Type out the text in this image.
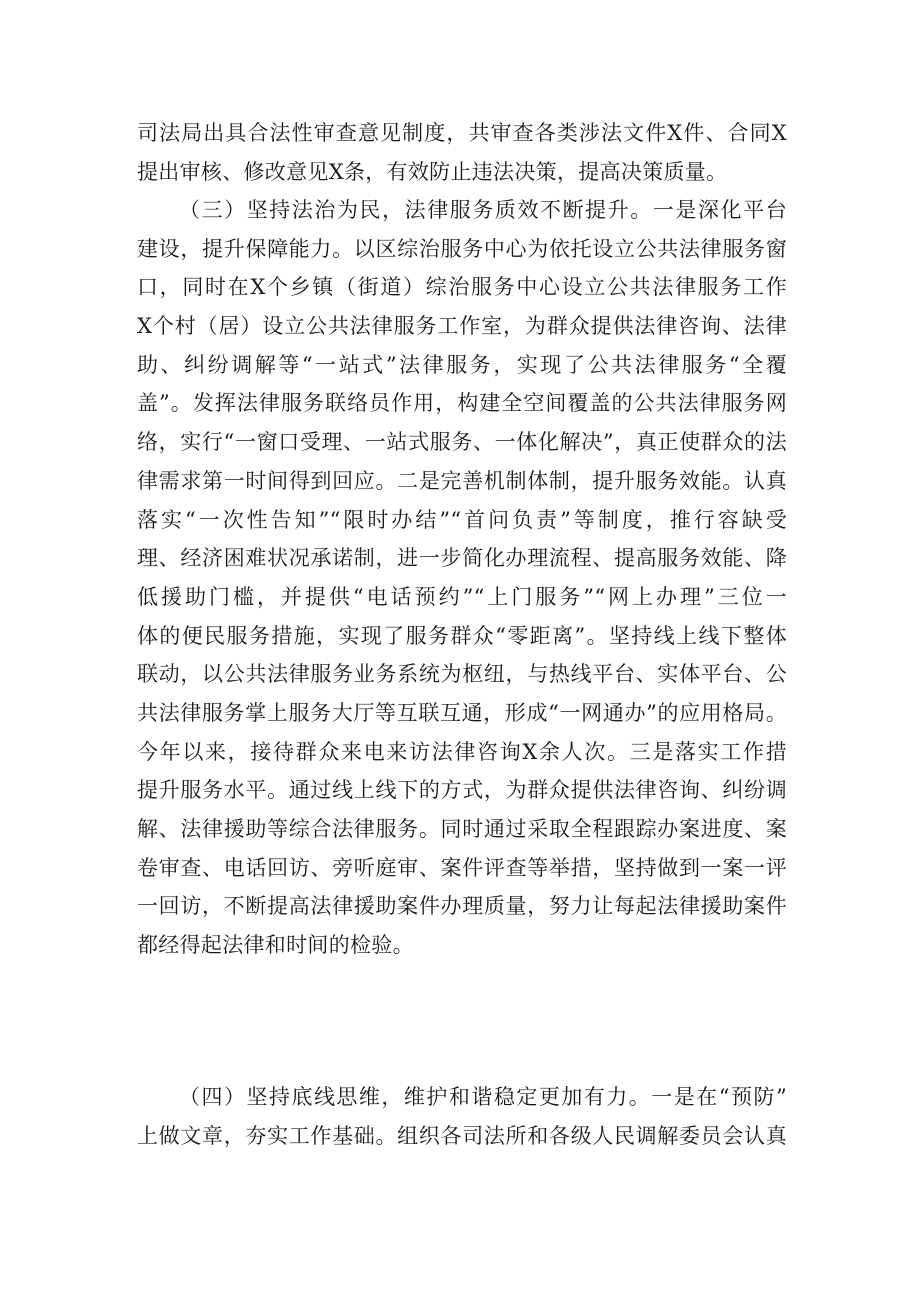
司法局出具合法性审查意见制度，共审查各类涉法文件X件、合同X
提出审核、修改意见X条，有效防止违法决策，提高决策质量。
（三）坚持法治为民，法律服务质效不断提升。一是深化平台
建设，提升保障能力。以区综治服务中心为依托设立公共法律服务窗
口，同时在X个乡镇（街道）综治服务中心设立公共法律服务工作
X个村（居）设立公共法律服务工作室，为群众提供法律咨询、法律
助、纠纷调解等“一站式”法律服务，实现了公共法律服务“全覆
盖”。发挥法律服务联络员作用，构建全空间覆盖的公共法律服务网
络，实行“一窗口受理、一站式服务、一体化解决”，真正使群众的法
律需求第一时间得到回应。二是完善机制体制，提升服务效能。认真
落实“一次性告知”“限时办结”“首问负责”等制度，推行容缺受
理、经济困难状况承诺制，进一步简化办理流程、提高服务效能、降
低援助门槛，并提供“电话预约”“上门服务”“网上办理”三位一
体的便民服务措施，实现了服务群众“零距离”。坚持线上线下整体
联动，以公共法律服务业务系统为枢纽，与热线平台、实体平台、公
共法律服务掌上服务大厅等互联互通，形成“一网通办”的应用格局。
今年以来，接待群众来电来访法律咨询X余人次。三是落实工作措
提升服务水平。通过线上线下的方式，为群众提供法律咨询、纠纷调
解、法律援助等综合法律服务。同时通过采取全程跟踪办案进度、案
卷审查、电话回访、旁听庭审、案件评查等举措，坚持做到一案一评
一回访，不断提高法律援助案件办理质量，努力让每起法律援助案件
都经得起法律和时间的检验。
（四）坚持底线思维，维护和谐稳定更加有力。一是在“预防”
上做文章，夯实工作基础。组织各司法所和各级人民调解委员会认真
